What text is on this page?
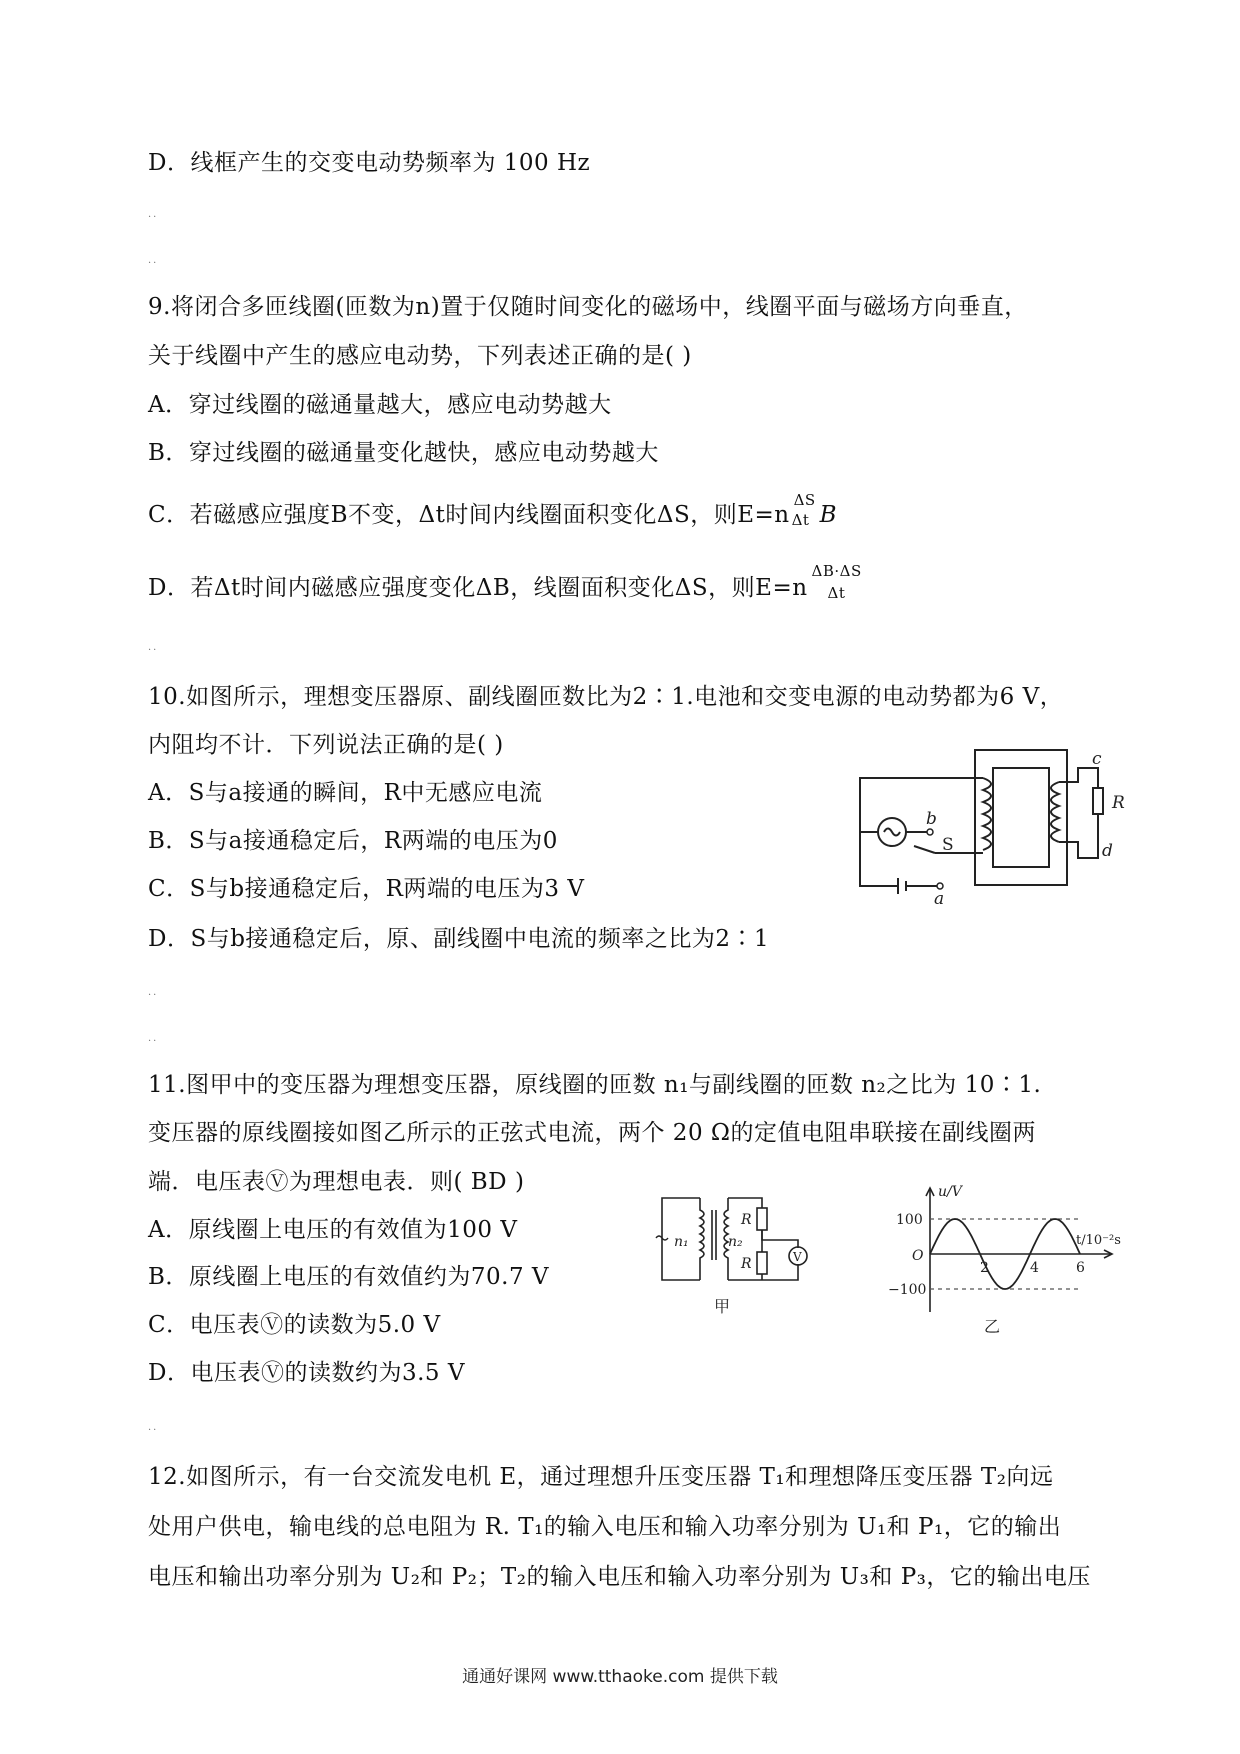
D．线框产生的交变电动势频率为 100 Hz
··
··
9.将闭合多匝线圈(匝数为n)置于仅随时间变化的磁场中，线圈平面与磁场方向垂直，
关于线圈中产生的感应电动势，下列表述正确的是( )
A．穿过线圈的磁通量越大，感应电动势越大
B．穿过线圈的磁通量变化越快，感应电动势越大
C．若磁感应强度B不变，Δt时间内线圈面积变化ΔS，则E=n
ΔS
Δt B
D．若Δt时间内磁感应强度变化ΔB，线圈面积变化ΔS，则E=n
ΔB·ΔS
Δt
··
10.如图所示，理想变压器原、副线圈匝数比为2∶1.电池和交变电源的电动势都为6 V，
内阻均不计．下列说法正确的是( )
A．S与a接通的瞬间，R中无感应电流
B．S与a接通稳定后，R两端的电压为0
C．S与b接通稳定后，R两端的电压为3 V
D．S与b接通稳定后，原、副线圈中电流的频率之比为2∶1
c
R
d
b
S
a
··
··
11.图甲中的变压器为理想变压器，原线圈的匝数 n₁与副线圈的匝数 n₂之比为 10∶1.
变压器的原线圈接如图乙所示的正弦式电流，两个 20 Ω的定值电阻串联接在副线圈两
端．电压表Ⓥ为理想电表．则( BD )
A．原线圈上电压的有效值为100 V
B．原线圈上电压的有效值约为70.7 V
C．电压表Ⓥ的读数为5.0 V
D．电压表Ⓥ的读数约为3.5 V
n₁	n₂
R
R	V
甲
u/V
t/10⁻²s
100
−100
O
2	4	6
乙
··
12.如图所示，有一台交流发电机 E，通过理想升压变压器 T₁和理想降压变压器 T₂向远
处用户供电，输电线的总电阻为 R. T₁的输入电压和输入功率分别为 U₁和 P₁，它的输出
电压和输出功率分别为 U₂和 P₂；T₂的输入电压和输入功率分别为 U₃和 P₃，它的输出电压
通通好课网 www.tthaoke.com 提供下载
